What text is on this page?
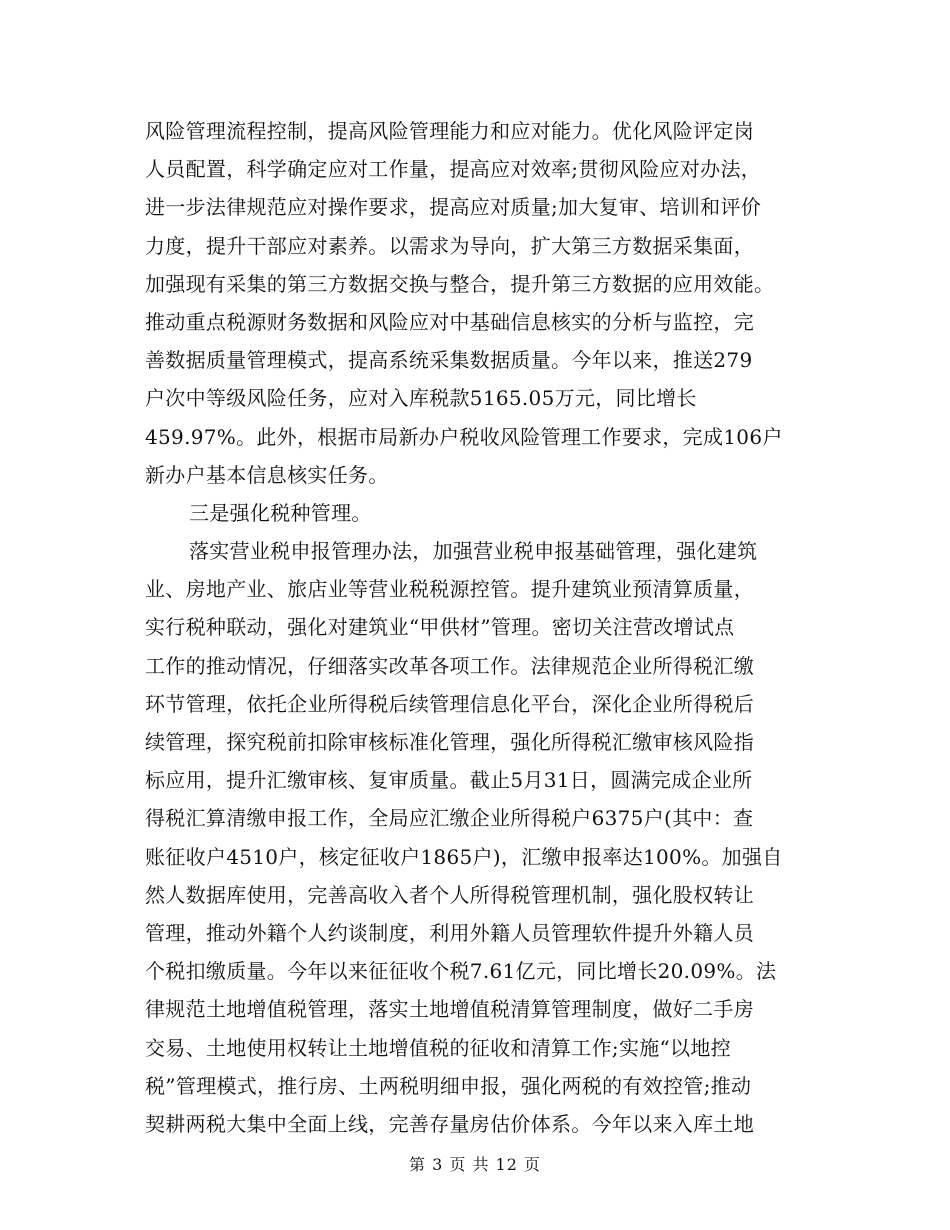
风险管理流程控制，提高风险管理能力和应对能力。优化风险评定岗
人员配置，科学确定应对工作量，提高应对效率;贯彻风险应对办法，
进一步法律规范应对操作要求，提高应对质量;加大复审、培训和评价
力度，提升干部应对素养。以需求为导向，扩大第三方数据采集面，
加强现有采集的第三方数据交换与整合，提升第三方数据的应用效能。
推动重点税源财务数据和风险应对中基础信息核实的分析与监控，完
善数据质量管理模式，提高系统采集数据质量。今年以来，推送279
户次中等级风险任务，应对入库税款5165.05万元，同比增长
459.97%。此外，根据市局新办户税收风险管理工作要求，完成106户
新办户基本信息核实任务。
三是强化税种管理。
落实营业税申报管理办法，加强营业税申报基础管理，强化建筑
业、房地产业、旅店业等营业税税源控管。提升建筑业预清算质量，
实行税种联动，强化对建筑业“甲供材”管理。密切关注营改增试点
工作的推动情况，仔细落实改革各项工作。法律规范企业所得税汇缴
环节管理，依托企业所得税后续管理信息化平台，深化企业所得税后
续管理，探究税前扣除审核标准化管理，强化所得税汇缴审核风险指
标应用，提升汇缴审核、复审质量。截止5月31日，圆满完成企业所
得税汇算清缴申报工作，全局应汇缴企业所得税户6375户(其中：查
账征收户4510户，核定征收户1865户)，汇缴申报率达100%。加强自
然人数据库使用，完善高收入者个人所得税管理机制，强化股权转让
管理，推动外籍个人约谈制度，利用外籍人员管理软件提升外籍人员
个税扣缴质量。今年以来征征收个税7.61亿元，同比增长20.09%。法
律规范土地增值税管理，落实土地增值税清算管理制度，做好二手房
交易、土地使用权转让土地增值税的征收和清算工作;实施“以地控
税”管理模式，推行房、土两税明细申报，强化两税的有效控管;推动
契耕两税大集中全面上线，完善存量房估价体系。今年以来入库土地
第 3 页 共 12 页
